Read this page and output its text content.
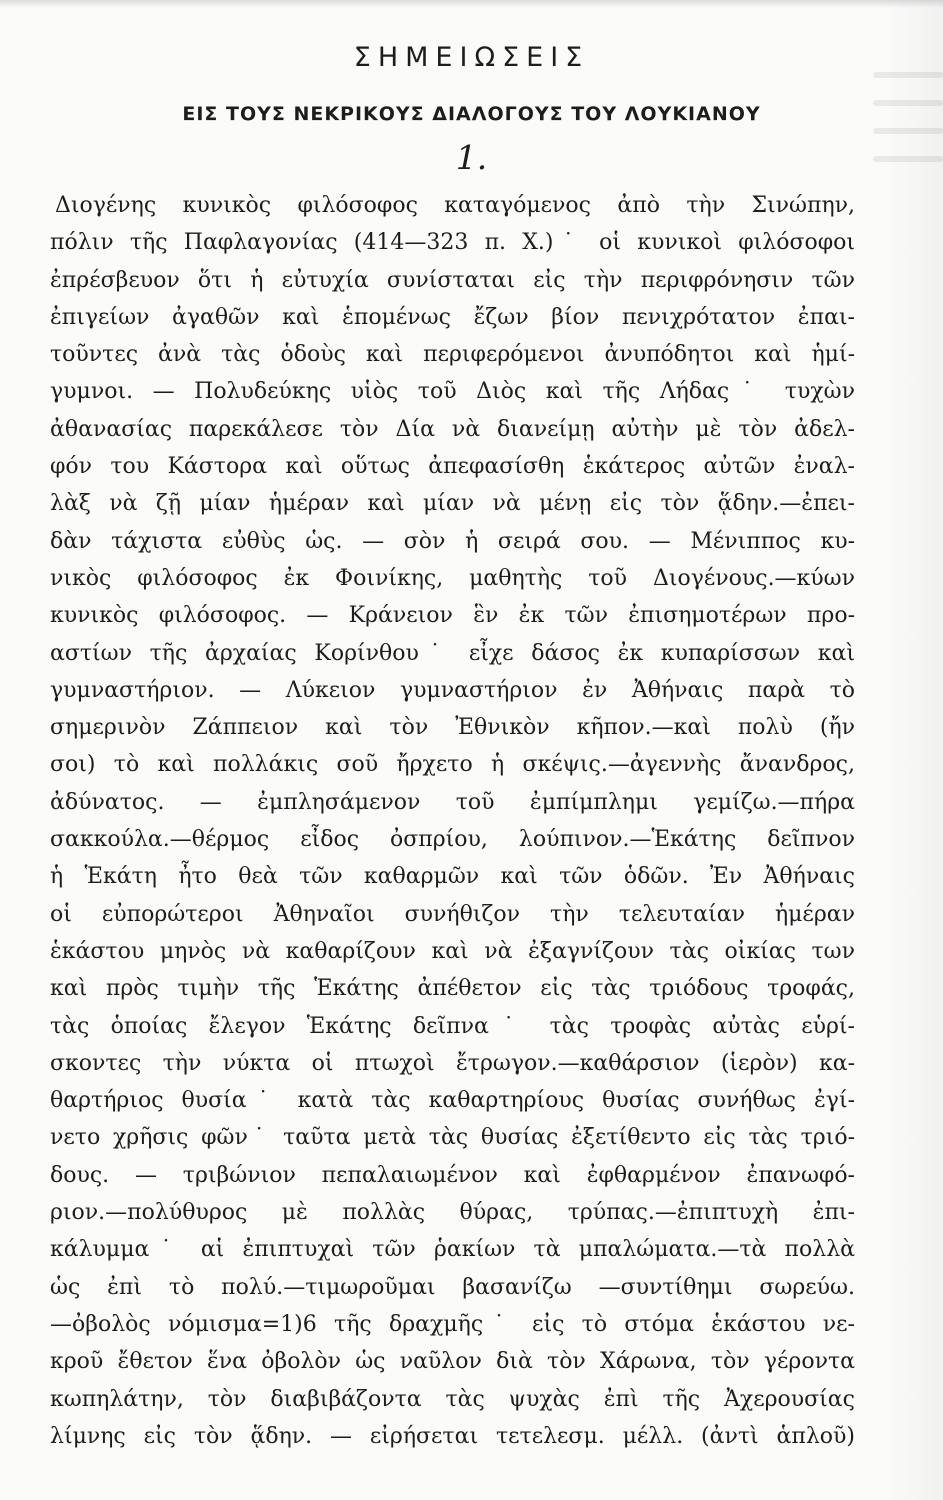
ΣΗΜΕΙΩΣΕΙΣ
ΕΙΣ ΤΟΥΣ ΝΕΚΡΙΚΟΥΣ ΔΙΑΛΟΓΟΥΣ ΤΟΥ ΛΟΥΚΙΑΝΟΥ
1.
Διογένης κυνικὸς φιλόσοφος καταγόμενος ἀπὸ τὴν Σινώπην,
πόλιν τῆς Παφλαγονίας (414—323 π. Χ.)˙ οἱ κυνικοὶ φιλόσοφοι
ἐπρέσβευον ὅτι ἡ εὐτυχία συνίσταται εἰς τὴν περιφρόνησιν τῶν
ἐπιγείων ἀγαθῶν καὶ ἑπομένως ἔζων βίον πενιχρότατον ἐπαι-
τοῦντες ἀνὰ τὰς ὁδοὺς καὶ περιφερόμενοι ἀνυπόδητοι καὶ ἡμί-
γυμνοι. — Πολυδεύκης υἱὸς τοῦ Διὸς καὶ τῆς Λήδας˙ τυχὼν
ἀθανασίας παρεκάλεσε τὸν Δία νὰ διανείμῃ αὐτὴν μὲ τὸν ἀδελ-
φόν του Κάστορα καὶ οὕτως ἀπεφασίσθη ἑκάτερος αὐτῶν ἐναλ-
λὰξ νὰ ζῇ μίαν ἡμέραν καὶ μίαν νὰ μένῃ εἰς τὸν ᾅδην.—ἐπει-
δὰν τάχιστα εὐθὺς ὡς. — σὸν ἡ σειρά σου. — Μένιππος κυ-
νικὸς φιλόσοφος ἐκ Φοινίκης, μαθητὴς τοῦ Διογένους.—κύων
κυνικὸς φιλόσοφος. — Κράνειον ἓν ἐκ τῶν ἐπισημοτέρων προ-
αστίων τῆς ἀρχαίας Κορίνθου˙ εἶχε δάσος ἐκ κυπαρίσσων καὶ
γυμναστήριον. — Λύκειον γυμναστήριον ἐν Ἀθήναις παρὰ τὸ
σημερινὸν Ζάππειον καὶ τὸν Ἐθνικὸν κῆπον.—καὶ πολὺ (ἤν
σοι) τὸ καὶ πολλάκις σοῦ ἤρχετο ἡ σκέψις.—ἀγεννὴς ἄνανδρος,
ἀδύνατος. — ἐμπλησάμενον τοῦ ἐμπίμπλημι γεμίζω.—πήρα
σακκούλα.—θέρμος εἶδος ὀσπρίου, λούπινον.—Ἑκάτης δεῖπνον
ἡ Ἑκάτη ἦτο θεὰ τῶν καθαρμῶν καὶ τῶν ὁδῶν. Ἐν Ἀθήναις
οἱ εὐπορώτεροι Ἀθηναῖοι συνήθιζον τὴν τελευταίαν ἡμέραν
ἑκάστου μηνὸς νὰ καθαρίζουν καὶ νὰ ἐξαγνίζουν τὰς οἰκίας των
καὶ πρὸς τιμὴν τῆς Ἑκάτης ἀπέθετον εἰς τὰς τριόδους τροφάς,
τὰς ὁποίας ἔλεγον Ἑκάτης δεῖπνα˙ τὰς τροφὰς αὐτὰς εὑρί-
σκοντες τὴν νύκτα οἱ πτωχοὶ ἔτρωγον.—καθάρσιον (ἱερὸν) κα-
θαρτήριος θυσία˙ κατὰ τὰς καθαρτηρίους θυσίας συνήθως ἐγί-
νετο χρῆσις φῶν˙ ταῦτα μετὰ τὰς θυσίας ἐξετίθεντο εἰς τὰς τριό-
δους. — τριβώνιον πεπαλαιωμένον καὶ ἐφθαρμένον ἐπανωφό-
ριον.—πολύθυρος μὲ πολλὰς θύρας, τρύπας.—ἐπιπτυχὴ ἐπι-
κάλυμμα˙ αἱ ἐπιπτυχαὶ τῶν ῥακίων τὰ μπαλώματα.—τὰ πολλὰ
ὡς ἐπὶ τὸ πολύ.—τιμωροῦμαι βασανίζω —συντίθημι σωρεύω.
—ὀβολὸς νόμισμα=1)6 τῆς δραχμῆς˙ εἰς τὸ στόμα ἑκάστου νε-
κροῦ ἔθετον ἕνα ὀβολὸν ὡς ναῦλον διὰ τὸν Χάρωνα, τὸν γέροντα
κωπηλάτην, τὸν διαβιβάζοντα τὰς ψυχὰς ἐπὶ τῆς Ἀχερουσίας
λίμνης εἰς τὸν ᾅδην. — εἰρήσεται τετελεσμ. μέλλ. (ἀντὶ ἁπλοῦ)
